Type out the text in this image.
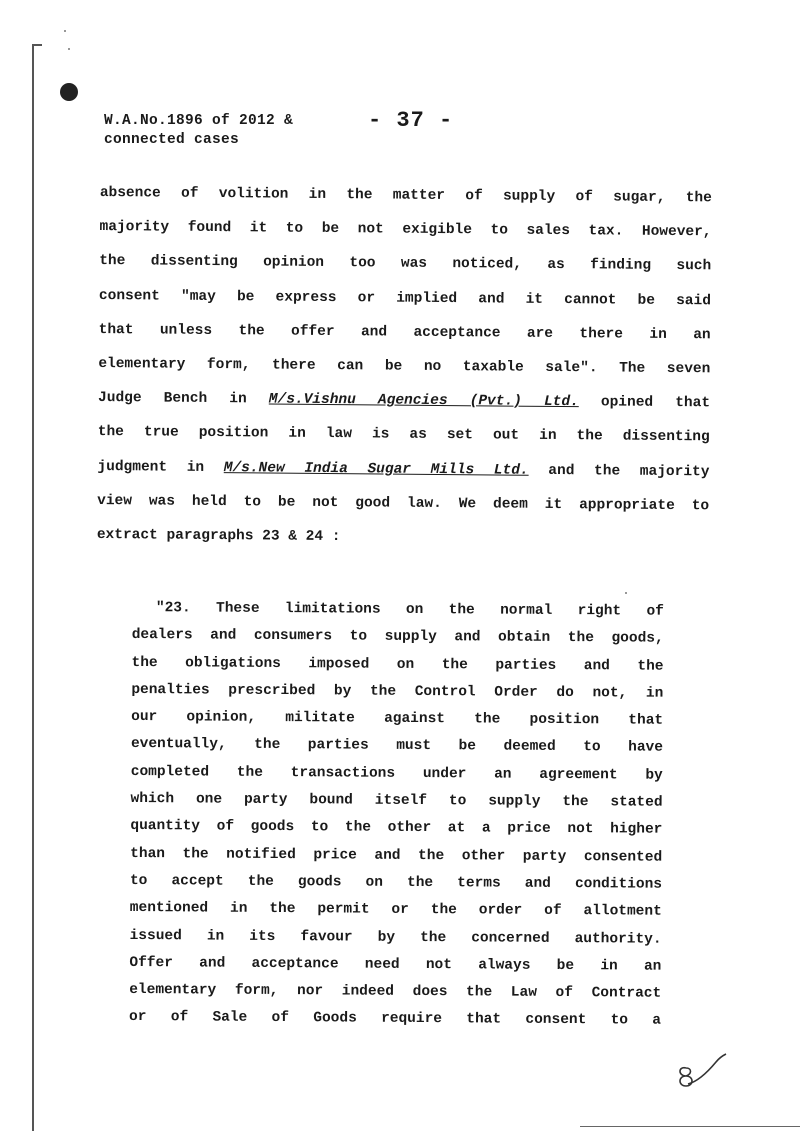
W.A.No.1896 of 2012 &
connected cases
- 37 -
absence of volition in the matter of supply of sugar, the
majority found it to be not exigible to sales tax. However,
the dissenting opinion too was noticed, as finding such
consent "may be express or implied and it cannot be said
that unless the offer and acceptance are there in an
elementary form, there can be no taxable sale". The seven
Judge Bench in M/s.Vishnu Agencies (Pvt.) Ltd. opined that
the true position in law is as set out in the dissenting
judgment in M/s.New India Sugar Mills Ltd. and the majority
view was held to be not good law. We deem it appropriate to
extract paragraphs 23 & 24 :
"23. These limitations on the normal right of
dealers and consumers to supply and obtain the goods,
the obligations imposed on the parties and the
penalties prescribed by the Control Order do not, in
our opinion, militate against the position that
eventually, the parties must be deemed to have
completed the transactions under an agreement by
which one party bound itself to supply the stated
quantity of goods to the other at a price not higher
than the notified price and the other party consented
to accept the goods on the terms and conditions
mentioned in the permit or the order of allotment
issued in its favour by the concerned authority.
Offer and acceptance need not always be in an
elementary form, nor indeed does the Law of Contract
or of Sale of Goods require that consent to a
